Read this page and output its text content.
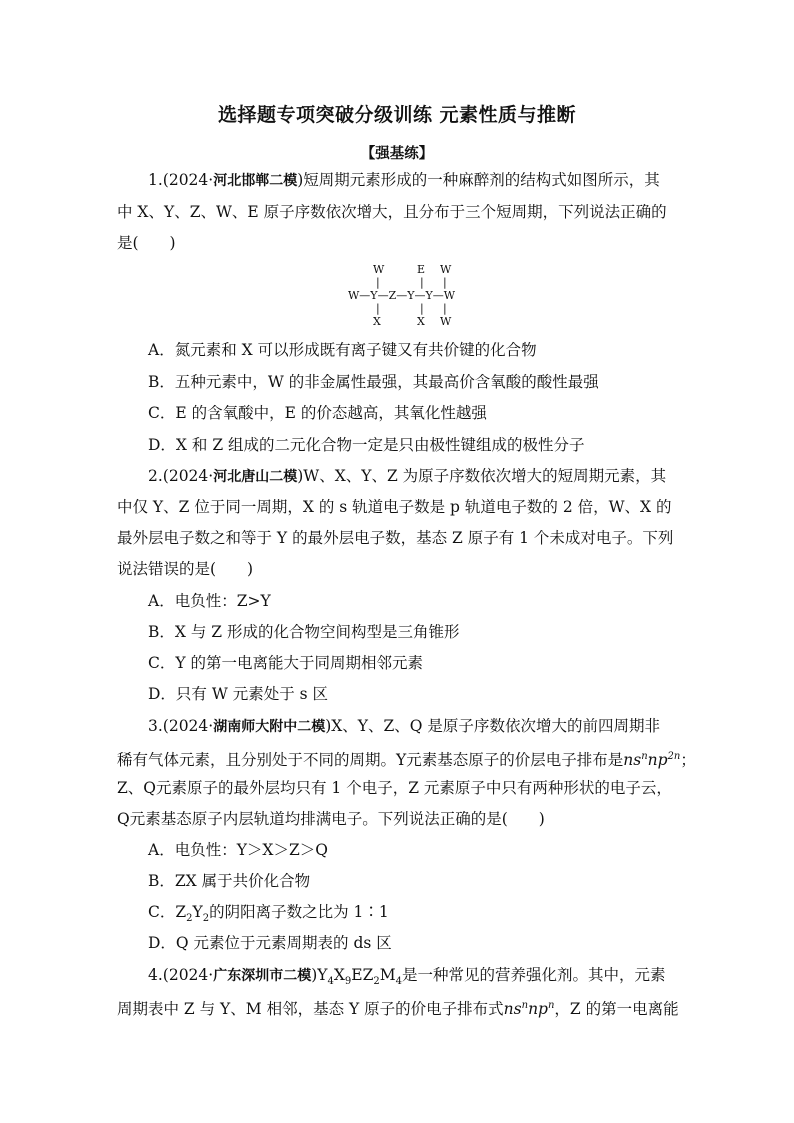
选择题专项突破分级训练 元素性质与推断
【强基练】
1.(2024·河北邯郸二模)短周期元素形成的一种麻醉剂的结构式如图所示，其
中 X、Y、Z、W、E 原子序数依次增大，且分布于三个短周期，下列说法正确的
是(　　)
W	E W
|	| |
W—Y—Z—Y—Y—W
|	| |
X	X W
A．氮元素和 X 可以形成既有离子键又有共价键的化合物
B．五种元素中，W 的非金属性最强，其最高价含氧酸的酸性最强
C．E 的含氧酸中，E 的价态越高，其氧化性越强
D．X 和 Z 组成的二元化合物一定是只由极性键组成的极性分子
2.(2024·河北唐山二模)W、X、Y、Z 为原子序数依次增大的短周期元素，其
中仅 Y、Z 位于同一周期，X 的 s 轨道电子数是 p 轨道电子数的 2 倍，W、X 的
最外层电子数之和等于 Y 的最外层电子数，基态 Z 原子有 1 个未成对电子。下列
说法错误的是(　　)
A．电负性：Z>Y
B．X 与 Z 形成的化合物空间构型是三角锥形
C．Y 的第一电离能大于同周期相邻元素
D．只有 W 元素处于 s 区
3.(2024·湖南师大附中二模)X、Y、Z、Q 是原子序数依次增大的前四周期非
稀有气体元素，且分别处于不同的周期。Y元素基态原子的价层电子排布是$ns^nnp^{2n}$；
Z、Q元素原子的最外层均只有 1 个电子，Z 元素原子中只有两种形状的电子云，
Q元素基态原子内层轨道均排满电子。下列说法正确的是(　　)
A．电负性：Y＞X＞Z＞Q
B．ZX 属于共价化合物
C．$Z_2Y_2$的阴阳离子数之比为 1∶1
D．Q 元素位于元素周期表的 ds 区
4.(2024·广东深圳市二模)$Y_4X_9EZ_2M_4$是一种常见的营养强化剂。其中，元素
周期表中 Z 与 Y、M 相邻，基态 Y 原子的价电子排布式$ns^nnp^n$，Z 的第一电离能
